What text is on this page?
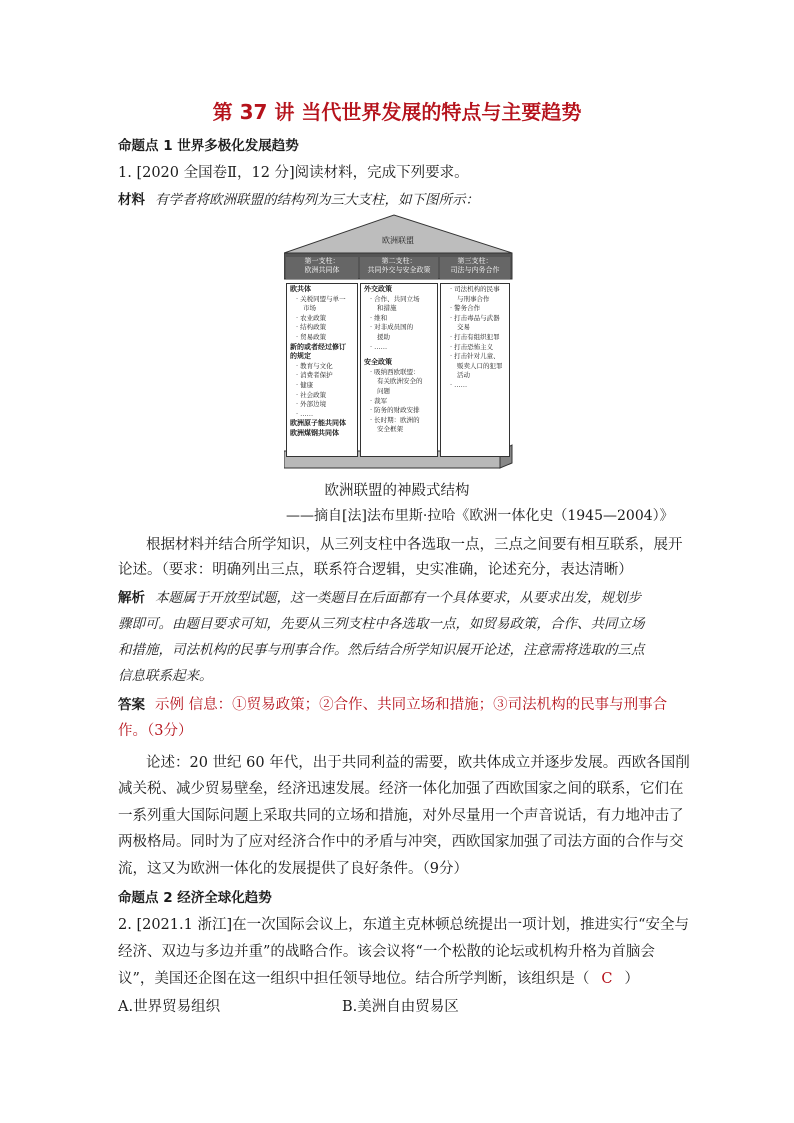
第 37 讲 当代世界发展的特点与主要趋势
命题点 1 世界多极化发展趋势
1. [2020 全国卷Ⅱ，12 分]阅读材料，完成下列要求。
材料 有学者将欧洲联盟的结构列为三大支柱，如下图所示：
欧洲联盟
第一支柱：
欧洲共同体
第二支柱：
共同外交与安全政策
第三支柱：
司法与内务合作
欧共体
· 关税同盟与单一
市场
· 农业政策
· 结构政策
· 贸易政策
新的或者经过修订
的规定
· 教育与文化
· 消费者保护
· 健康
· 社会政策
· 外部边境
· ……
欧洲原子能共同体
欧洲煤钢共同体
外交政策
· 合作、共同立场
和措施
· 维和
· 对非成员国的
援助
· ……
安全政策
· 吸纳西欧联盟：
有关欧洲安全的
问题
· 裁军
· 防务的财政安排
· 长时期：欧洲的
安全框架
· 司法机构的民事
与刑事合作
· 警务合作
· 打击毒品与武器
交易
· 打击有组织犯罪
· 打击恐怖主义
· 打击针对儿童、
贩卖人口的犯罪
活动
· ……
欧洲联盟的神殿式结构
——摘自[法]法布里斯·拉哈《欧洲一体化史（1945—2004）》
根据材料并结合所学知识，从三列支柱中各选取一点，三点之间要有相互联系，展开
论述。（要求：明确列出三点，联系符合逻辑，史实准确，论述充分，表达清晰）
解析 本题属于开放型试题，这一类题目在后面都有一个具体要求，从要求出发，规划步
骤即可。由题目要求可知，先要从三列支柱中各选取一点，如贸易政策，合作、共同立场
和措施，司法机构的民事与刑事合作。然后结合所学知识展开论述，注意需将选取的三点
信息联系起来。
答案 示例 信息：①贸易政策；②合作、共同立场和措施；③司法机构的民事与刑事合
作。（3分）
论述：20 世纪 60 年代，出于共同利益的需要，欧共体成立并逐步发展。西欧各国削
减关税、减少贸易壁垒，经济迅速发展。经济一体化加强了西欧国家之间的联系，它们在
一系列重大国际问题上采取共同的立场和措施，对外尽量用一个声音说话，有力地冲击了
两极格局。同时为了应对经济合作中的矛盾与冲突，西欧国家加强了司法方面的合作与交
流，这又为欧洲一体化的发展提供了良好条件。（9分）
命题点 2 经济全球化趋势
2. [2021.1 浙江]在一次国际会议上，东道主克林顿总统提出一项计划，推进实行“安全与
经济、双边与多边并重”的战略合作。该会议将“一个松散的论坛或机构升格为首脑会
议”，美国还企图在这一组织中担任领导地位。结合所学判断，该组织是（ C ）
A.世界贸易组织	B.美洲自由贸易区
